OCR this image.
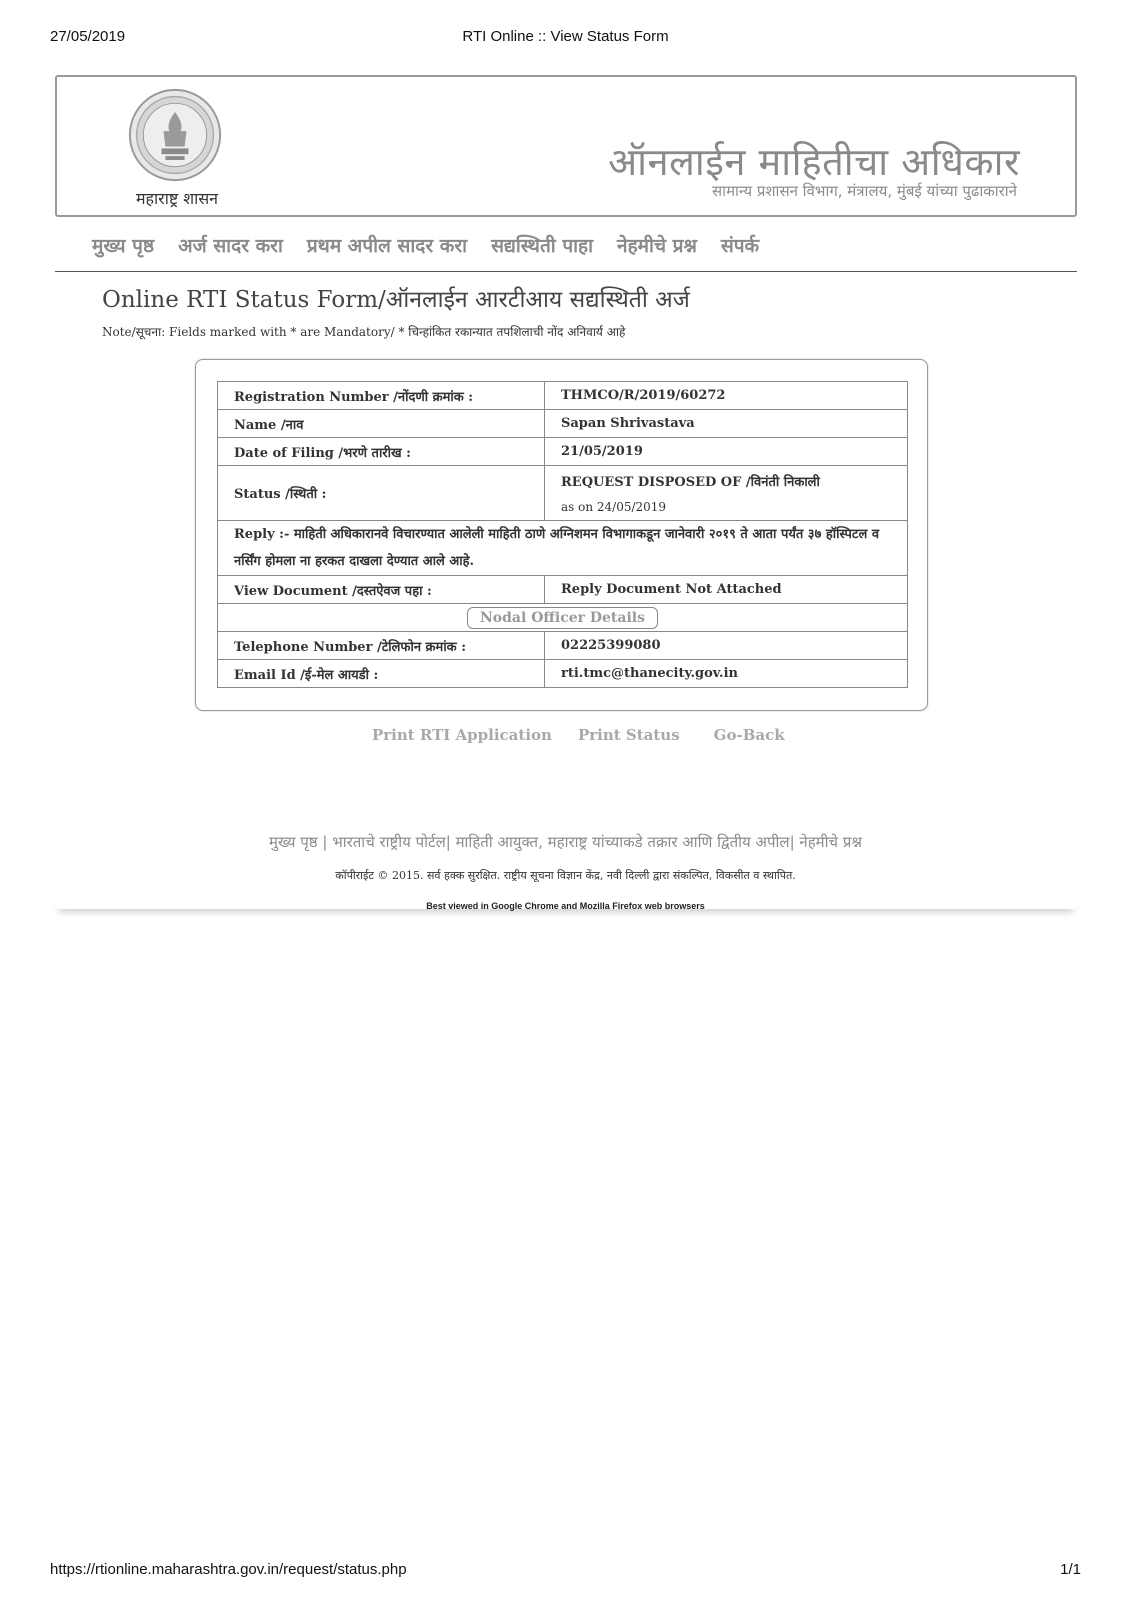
27/05/2019	RTI Online :: View Status Form
महाराष्ट्र शासन
ऑनलाईन माहितीचा अधिकार
सामान्य प्रशासन विभाग, मंत्रालय, मुंबई यांच्या पुढाकाराने
मुख्य पृष्ठ अर्ज सादर करा प्रथम अपील सादर करा सद्यस्थिती पाहा नेहमीचे प्रश्न संपर्क
Online RTI Status Form/ऑनलाईन आरटीआय सद्यस्थिती अर्ज
Note/सूचना: Fields marked with * are Mandatory/ * चिन्हांकित रकान्यात तपशिलाची नोंद अनिवार्य आहे
Registration Number /नोंदणी क्रमांक :	THMCO/R/2019/60272
Name /नाव	Sapan Shrivastava
Date of Filing /भरणे तारीख :	21/05/2019
Status /स्थिती :	REQUEST DISPOSED OF /विनंती निकाली
as on 24/05/2019

Reply :- माहिती अधिकारानवे विचारण्यात आलेली माहिती ठाणे अग्निशमन विभागाकडून जानेवारी २०१९ ते आता पर्यंत ३७ हॉस्पिटल व नर्सिंग होमला ना हरकत दाखला देण्यात आले आहे.	
View Document /दस्तऐवज पहा :	Reply Document Not Attached
Nodal Officer Details	
Telephone Number /टेलिफोन क्रमांक :	02225399080
Email Id /ई-मेल आयडी :	rti.tmc@thanecity.gov.in
Print RTI Application Print Status Go-Back
मुख्य पृष्ठ | भारताचे राष्ट्रीय पोर्टल| माहिती आयुक्त, महाराष्ट्र यांच्याकडे तक्रार आणि द्वितीय अपील| नेहमीचे प्रश्न
कॉपीराईट © 2015. सर्व हक्क सुरक्षित. राष्ट्रीय सूचना विज्ञान केंद्र, नवी दिल्ली द्वारा संकल्पित, विकसीत व स्थापित.
Best viewed in Google Chrome and Mozilla Firefox web browsers
https://rtionline.maharashtra.gov.in/request/status.php	1/1
